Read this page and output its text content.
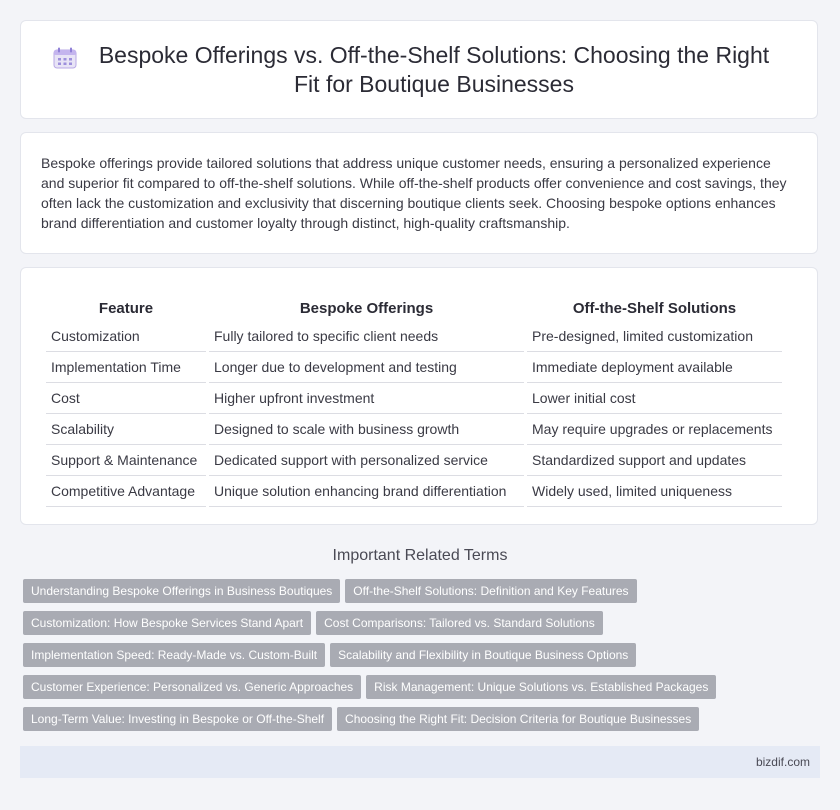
Bespoke Offerings vs. Off-the-Shelf Solutions: Choosing the Right Fit for Boutique Businesses

Bespoke offerings provide tailored solutions that address unique customer needs, ensuring a personalized experience and superior fit compared to off-the-shelf solutions. While off-the-shelf products offer convenience and cost savings, they often lack the customization and exclusivity that discerning boutique clients seek. Choosing bespoke options enhances brand differentiation and customer loyalty through distinct, high-quality craftsmanship.

Feature	Bespoke Offerings	Off-the-Shelf Solutions
Customization	Fully tailored to specific client needs	Pre-designed, limited customization
Implementation Time	Longer due to development and testing	Immediate deployment available
Cost	Higher upfront investment	Lower initial cost
Scalability	Designed to scale with business growth	May require upgrades or replacements
Support & Maintenance	Dedicated support with personalized service	Standardized support and updates
Competitive Advantage	Unique solution enhancing brand differentiation	Widely used, limited uniqueness
Important Related Terms
Understanding Bespoke Offerings in Business Boutiques Off-the-Shelf Solutions: Definition and Key Features
Customization: How Bespoke Services Stand Apart Cost Comparisons: Tailored vs. Standard Solutions
Implementation Speed: Ready-Made vs. Custom-Built Scalability and Flexibility in Boutique Business Options
Customer Experience: Personalized vs. Generic Approaches Risk Management: Unique Solutions vs. Established Packages
Long-Term Value: Investing in Bespoke or Off-the-Shelf Choosing the Right Fit: Decision Criteria for Boutique Businesses
bizdif.com
